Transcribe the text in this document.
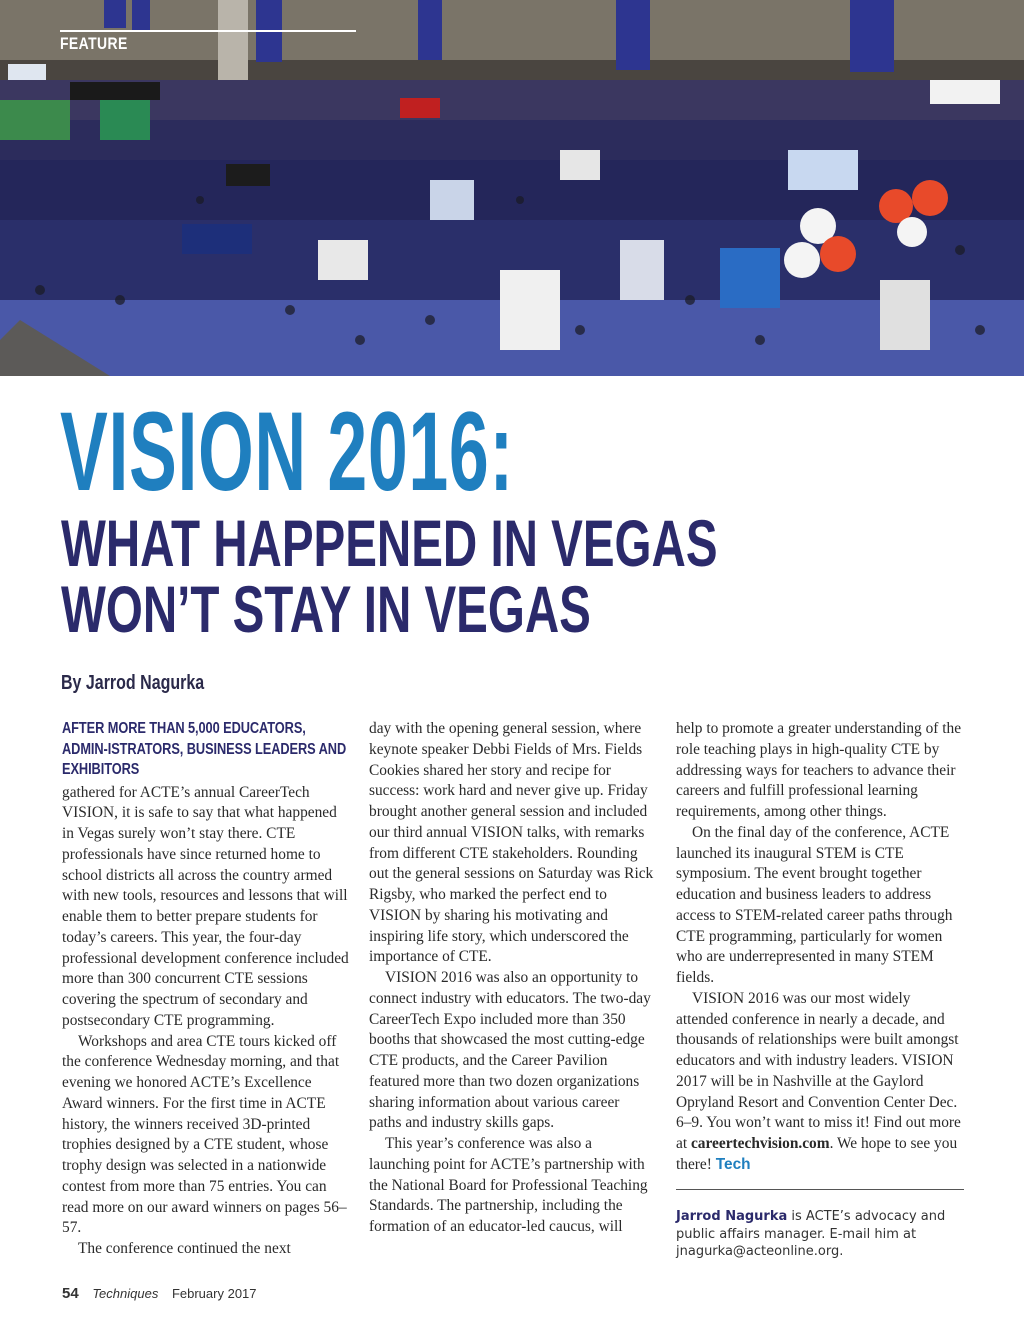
FEATURE
VISION 2016:
WHAT HAPPENED IN VEGAS
WON’T STAY IN VEGAS
By Jarrod Nagurka
AFTER MORE THAN 5,000 EDUCATORS, ADMIN-ISTRATORS, BUSINESS LEADERS AND EXHIBITORS

gathered for ACTE’s annual CareerTech VISION, it is safe to say that what happened in Vegas surely won’t stay there. CTE professionals have since returned home to school districts all across the country armed with new tools, resources and lessons that will enable them to better prepare students for today’s careers. This year, the four-day professional development conference included more than 300 concurrent CTE sessions covering the spectrum of secondary and postsecondary CTE programming.

Workshops and area CTE tours kicked off the conference Wednesday morning, and that evening we honored ACTE’s Excellence Award winners. For the first time in ACTE history, the winners received 3D-printed trophies designed by a CTE student, whose trophy design was selected in a nationwide contest from more than 75 entries. You can read more on our award winners on pages 56–57.

The conference continued the next

day with the opening general session, where keynote speaker Debbi Fields of Mrs. Fields Cookies shared her story and recipe for success: work hard and never give up. Friday brought another general session and included our third annual VISION talks, with remarks from different CTE stakeholders. Rounding out the general sessions on Saturday was Rick Rigsby, who marked the perfect end to VISION by sharing his motivating and inspiring life story, which underscored the importance of CTE.

VISION 2016 was also an opportunity to connect industry with educators. The two-day CareerTech Expo included more than 350 booths that showcased the most cutting-edge CTE products, and the Career Pavilion featured more than two dozen organizations sharing information about various career paths and industry skills gaps.

This year’s conference was also a launching point for ACTE’s partnership with the National Board for Professional Teaching Standards. The partnership, including the formation of an educator-led caucus, will

help to promote a greater understanding of the role teaching plays in high-quality CTE by addressing ways for teachers to advance their careers and fulfill professional learning requirements, among other things.

On the final day of the conference, ACTE launched its inaugural STEM is CTE symposium. The event brought together education and business leaders to address access to STEM-related career paths through CTE programming, particularly for women who are underrepresented in many STEM fields.

VISION 2016 was our most widely attended conference in nearly a decade, and thousands of relationships were built amongst educators and with industry leaders. VISION 2017 will be in Nashville at the Gaylord Opryland Resort and Convention Center Dec. 6–9. You won’t want to miss it! Find out more at careertechvision.com. We hope to see you there! Tech

Jarrod Nagurka is ACTE’s advocacy and public affairs manager. E-mail him at jnagurka@acteonline.org.
54 Techniques February 2017
